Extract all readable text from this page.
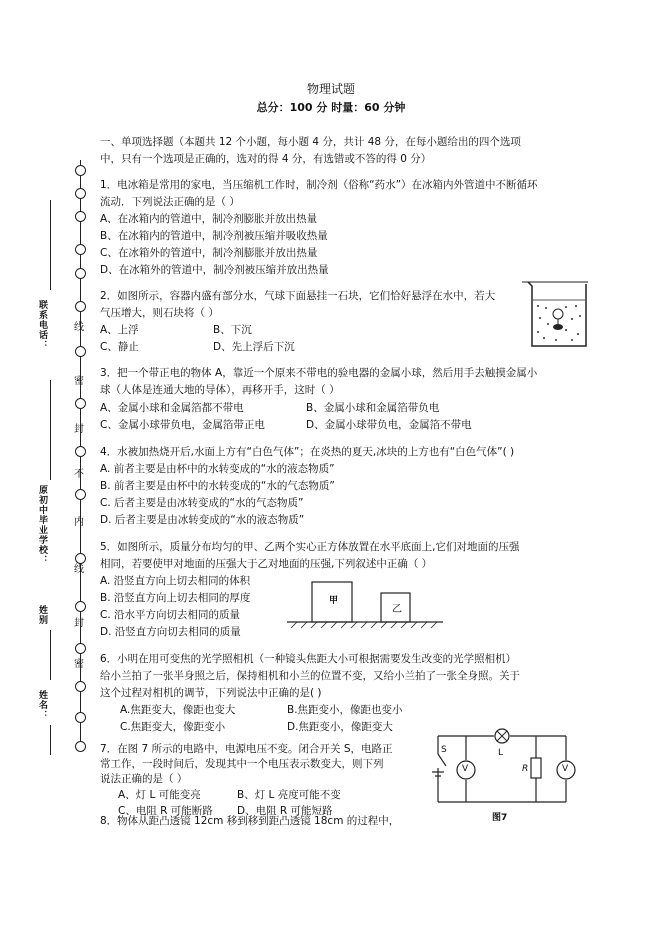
物理试题
总分：100 分 时量：60 分钟
线
密
封
不
内
线
封
密
联系电话：
原初中毕业学校：
姓别
姓名：
一、单项选择题（本题共 12 个小题，每小题 4 分，共计 48 分，在每小题给出的四个选项
中，只有一个选项是正确的，选对的得 4 分，有选错或不答的得 0 分）
1．电冰箱是常用的家电，当压缩机工作时，制冷剂（俗称“药水”）在冰箱内外管道中不断循环
流动．下列说法正确的是（ ）
A、在冰箱内的管道中，制冷剂膨胀并放出热量
B、在冰箱内的管道中，制冷剂被压缩并吸收热量
C、在冰箱外的管道中，制冷剂膨胀并放出热量
D、在冰箱外的管道中，制冷剂被压缩并放出热量
2．如图所示，容器内盛有部分水，气球下面悬挂一石块，它们恰好悬浮在水中，若大
气压增大，则石块将（ ）
A、上浮	B、下沉
C、静止	D、先上浮后下沉
3．把一个带正电的物体 A，靠近一个原来不带电的验电器的金属小球，然后用手去触摸金属小
球（人体是连通大地的导体），再移开手，这时（ ）
A、金属小球和金属箔都不带电	B、金属小球和金属箔带负电
C、金属小球带负电，金属箔带正电	D、金属小球带负电，金属箔不带电
4．水被加热烧开后,水面上方有“白色气体”；在炎热的夏天,冰块的上方也有“白色气体”( )
A. 前者主要是由杯中的水转变成的“水的液态物质”
B. 前者主要是由杯中的水转变成的“水的气态物质”
C. 后者主要是由冰转变成的“水的气态物质”
D. 后者主要是由冰转变成的“水的液态物质”
5．如图所示，质量分布均匀的甲、乙两个实心正方体放置在水平底面上,它们对地面的压强
相同，若要使甲对地面的压强大于乙对地面的压强,下列叙述中正确（ ）
A. 沿竖直方向上切去相同的体积
B. 沿竖直方向上切去相同的厚度
C. 沿水平方向切去相同的质量
D. 沿竖直方向切去相同的质量
甲
乙
6．小明在用可变焦的光学照相机（一种镜头焦距大小可根据需要发生改变的光学照相机）
给小兰拍了一张半身照之后，保持相机和小兰的位置不变，又给小兰拍了一张全身照。关于
这个过程对相机的调节，下列说法中正确的是( )
A.焦距变大，像距也变大	B.焦距变小，像距也变小
C.焦距变大，像距变小	D.焦距变小，像距变大
7．在图 7 所示的电路中，电源电压不变。闭合开关 S，电路正
常工作，一段时间后，发现其中一个电压表示数变大，则下列
说法正确的是（ ）
A、灯 L 可能变亮	B、灯 L 亮度可能不变
C、电阻 R 可能断路 D、电阻 R 可能短路
S	L
V	R	V
图7
8．物体从距凸透镜 12cm 移到移到距凸透镜 18cm 的过程中，
